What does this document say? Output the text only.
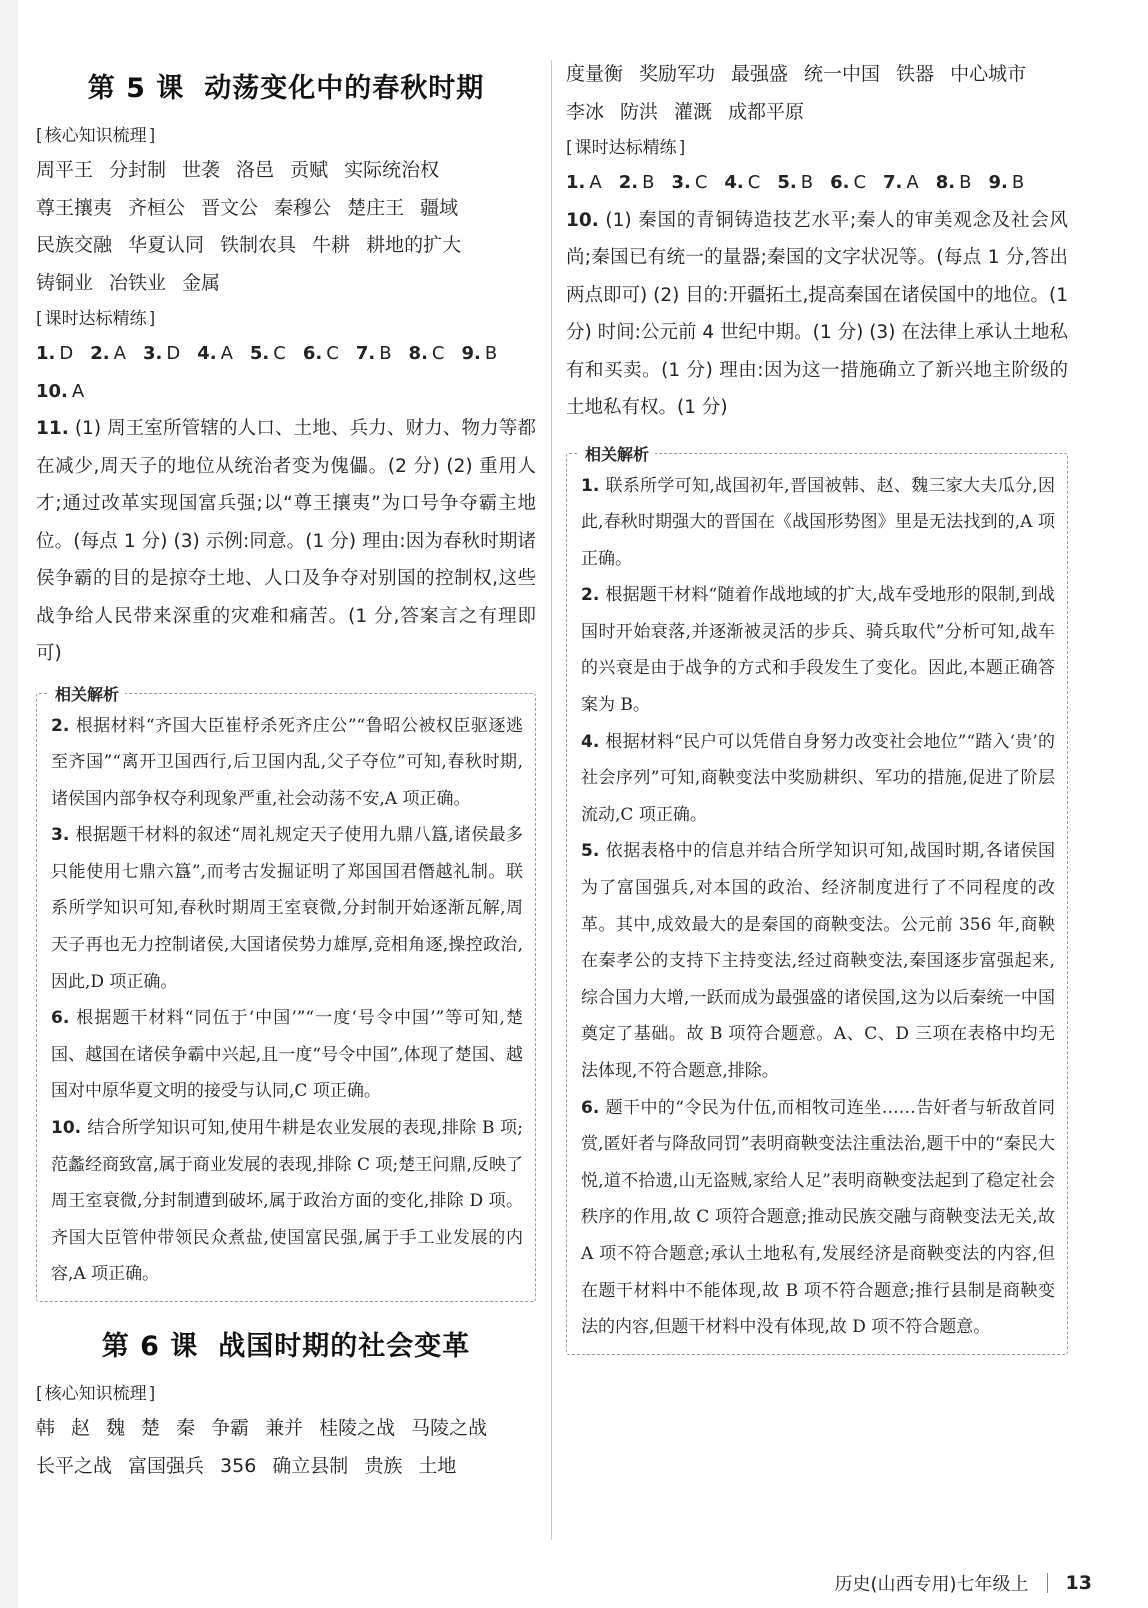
第 5 课 动荡变化中的春秋时期
[ 核心知识梳理 ]
周平王 分封制 世袭 洛邑 贡赋 实际统治权尊王攘夷 齐桓公 晋文公 秦穆公 楚庄王 疆域民族交融 华夏认同 铁制农具 牛耕 耕地的扩大铸铜业 冶铁业 金属
[ 课时达标精练 ]
1. D 2. A 3. D 4. A 5. C 6. C 7. B 8. C 9. B10. A

11. (1) 周王室所管辖的人口、土地、兵力、财力、物力等都在减少,周天子的地位从统治者变为傀儡。(2 分) (2) 重用人才;通过改革实现国富兵强;以“尊王攘夷”为口号争夺霸主地位。(每点 1 分) (3) 示例:同意。(1 分) 理由:因为春秋时期诸侯争霸的目的是掠夺土地、人口及争夺对别国的控制权,这些战争给人民带来深重的灾难和痛苦。(1 分,答案言之有理即可)

相关解析

2. 根据材料“齐国大臣崔杼杀死齐庄公”“鲁昭公被权臣驱逐逃至齐国”“离开卫国西行,后卫国内乱,父子夺位”可知,春秋时期,诸侯国内部争权夺利现象严重,社会动荡不安,A 项正确。

3. 根据题干材料的叙述“周礼规定天子使用九鼎八簋,诸侯最多只能使用七鼎六簋”,而考古发掘证明了郑国国君僭越礼制。联系所学知识可知,春秋时期周王室衰微,分封制开始逐渐瓦解,周天子再也无力控制诸侯,大国诸侯势力雄厚,竞相角逐,操控政治,因此,D 项正确。

6. 根据题干材料“同伍于‘中国’”“一度‘号令中国’”等可知,楚国、越国在诸侯争霸中兴起,且一度“号令中国”,体现了楚国、越国对中原华夏文明的接受与认同,C 项正确。

10. 结合所学知识可知,使用牛耕是农业发展的表现,排除 B 项;范蠡经商致富,属于商业发展的表现,排除 C 项;楚王问鼎,反映了周王室衰微,分封制遭到破坏,属于政治方面的变化,排除 D 项。齐国大臣管仲带领民众煮盐,使国富民强,属于手工业发展的内容,A 项正确。

第 6 课 战国时期的社会变革
[ 核心知识梳理 ]
韩 赵 魏 楚 秦 争霸 兼并 桂陵之战 马陵之战长平之战 富国强兵 356 确立县制 贵族 土地
度量衡 奖励军功 最强盛 统一中国 铁器 中心城市李冰 防洪 灌溉 成都平原
[ 课时达标精练 ]
1. A 2. B 3. C 4. C 5. B 6. C 7. A 8. B 9. B

10. (1) 秦国的青铜铸造技艺水平;秦人的审美观念及社会风尚;秦国已有统一的量器;秦国的文字状况等。(每点 1 分,答出两点即可) (2) 目的:开疆拓土,提高秦国在诸侯国中的地位。(1 分) 时间:公元前 4 世纪中期。(1 分) (3) 在法律上承认土地私有和买卖。(1 分) 理由:因为这一措施确立了新兴地主阶级的土地私有权。(1 分)

相关解析

1. 联系所学可知,战国初年,晋国被韩、赵、魏三家大夫瓜分,因此,春秋时期强大的晋国在《战国形势图》里是无法找到的,A 项正确。

2. 根据题干材料“随着作战地域的扩大,战车受地形的限制,到战国时开始衰落,并逐渐被灵活的步兵、骑兵取代”分析可知,战车的兴衰是由于战争的方式和手段发生了变化。因此,本题正确答案为 B。

4. 根据材料“民户可以凭借自身努力改变社会地位”“踏入‘贵’的社会序列”可知,商鞅变法中奖励耕织、军功的措施,促进了阶层流动,C 项正确。

5. 依据表格中的信息并结合所学知识可知,战国时期,各诸侯国为了富国强兵,对本国的政治、经济制度进行了不同程度的改革。其中,成效最大的是秦国的商鞅变法。公元前 356 年,商鞅在秦孝公的支持下主持变法,经过商鞅变法,秦国逐步富强起来,综合国力大增,一跃而成为最强盛的诸侯国,这为以后秦统一中国奠定了基础。故 B 项符合题意。A、C、D 三项在表格中均无法体现,不符合题意,排除。

6. 题干中的“令民为什伍,而相牧司连坐……告奸者与斩敌首同赏,匿奸者与降敌同罚”表明商鞅变法注重法治,题干中的“秦民大悦,道不拾遗,山无盗贼,家给人足”表明商鞅变法起到了稳定社会秩序的作用,故 C 项符合题意;推动民族交融与商鞅变法无关,故 A 项不符合题意;承认土地私有,发展经济是商鞅变法的内容,但在题干材料中不能体现,故 B 项不符合题意;推行县制是商鞅变法的内容,但题干材料中没有体现,故 D 项不符合题意。

历史 (山西专用) 七年级上 13
